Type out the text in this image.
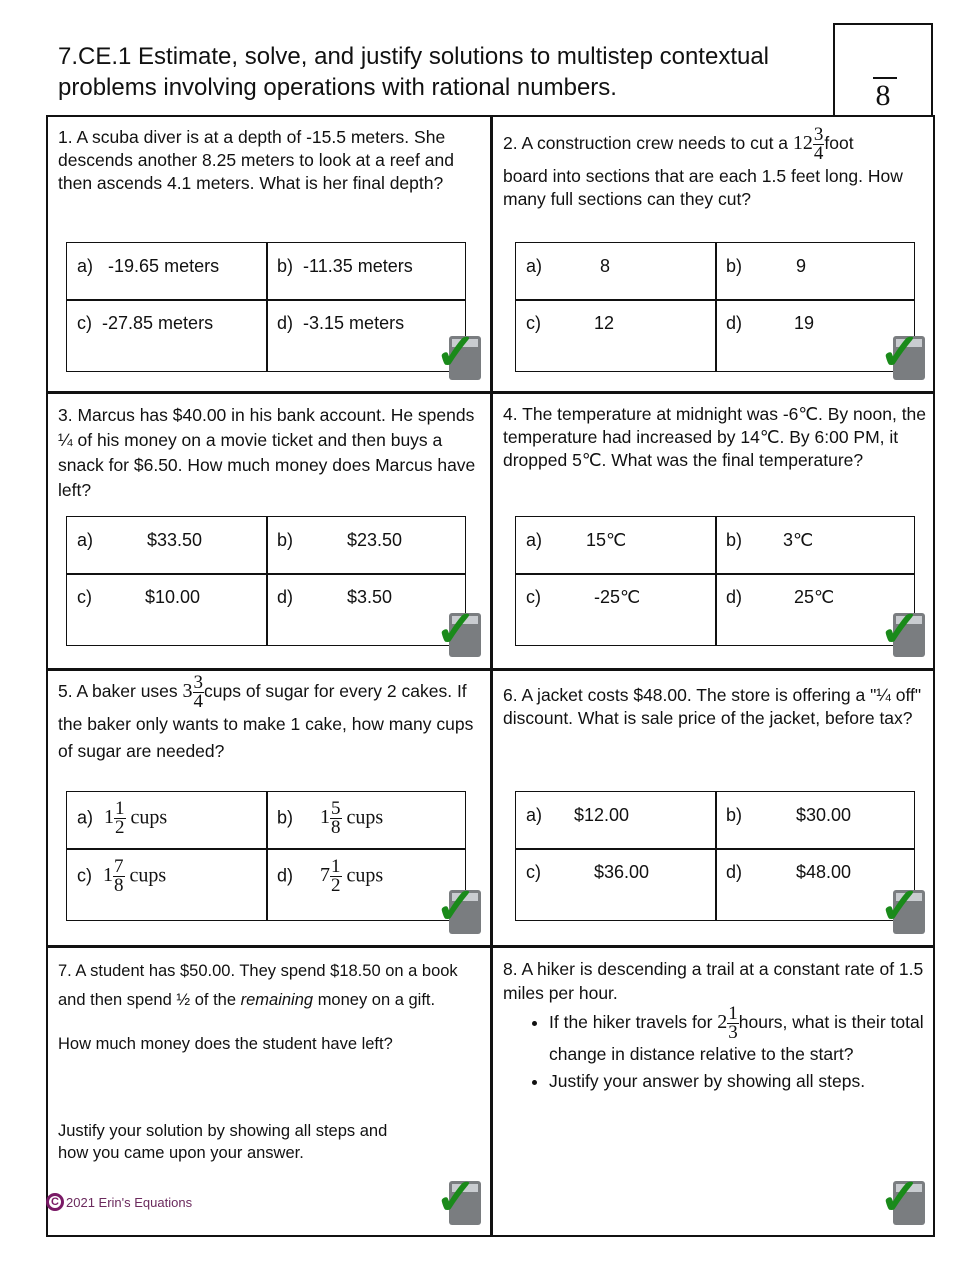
7.CE.1 Estimate, solve, and justify solutions to multistep contextual problems involving operations with rational numbers.	8
1. A scuba diver is at a depth of -15.5 meters. She descends another 8.25 meters to look at a reef and then ascends 4.1 meters. What is her final depth?
a) -19.65 meters	b) -11.35 meters
c) -27.85 meters	d) -3.15 meters
✓
2. A construction crew needs to cut a $12 \frac{3}{4}$ foot
board into sections that are each 1.5 feet long. How many full sections can they cut?
a)	8	b)	9
c)	12	d)	19
✓
3. Marcus has $40.00 in his bank account. He spends ¼ of his money on a movie ticket and then buys a snack for $6.50. How much money does Marcus have left?
a)	$33.50	b)	$23.50
c)	$10.00	d)	$3.50
✓
4. The temperature at midnight was -6℃. By noon, the temperature had increased by 14℃. By 6:00 PM, it dropped 5℃. What was the final temperature?
a) 15℃	b) 3℃
c)	-25℃	d)	25℃
✓
5. A baker uses $3 \frac{3}{4}$ cups of sugar for every 2 cakes. If the baker only wants to make 1 cake, how many cups of sugar are needed?
a) $1 \frac{1}{2}$ cups	b) $1 \frac{5}{8}$ cups
c) $1 \frac{7}{8}$ cups	d) $7 \frac{1}{2}$ cups
✓
6. A jacket costs $48.00. The store is offering a "¼ off" discount. What is sale price of the jacket, before tax?
a) $12.00	b)	$30.00
c)	$36.00	d)	$48.00
✓
7. A student has $50.00. They spend $18.50 on a book and then spend ½ of the remaining money on a gift.
How much money does the student have left?
Justify your solution by showing all steps and how you came upon your answer.
C 2021 Erin's Equations	✓
8. A hiker is descending a trail at a constant rate of 1.5 miles per hour.
• If the hiker travels for $2 \frac{1}{3}$ hours, what is their total change in distance relative to the start?
• Justify your answer by showing all steps.
✓
